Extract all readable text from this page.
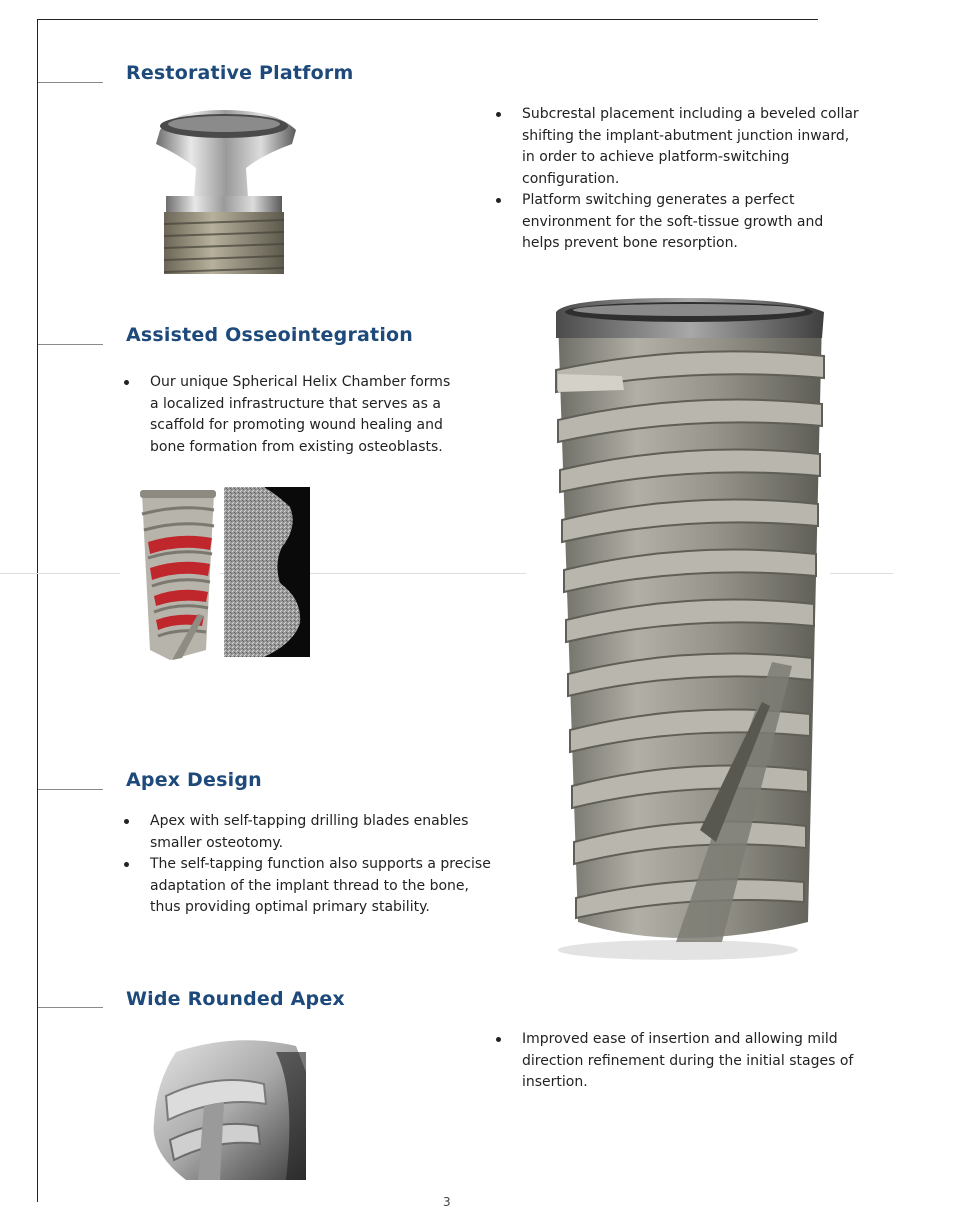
Restorative Platform
Subcrestal placement including a beveled collar shifting the implant-abutment junction inward, in order to achieve platform-switching configuration.
Platform switching generates a perfect environment for the soft-tissue growth and helps prevent bone resorption.
Assisted Osseointegration
Our unique Spherical Helix Chamber forms a localized infrastructure that serves as a scaffold for promoting wound healing and bone formation from existing osteoblasts.
Apex Design
Apex with self-tapping drilling blades enables smaller osteotomy.
The self-tapping function also supports a precise adaptation of the implant thread to the bone, thus providing optimal primary stability.
Wide Rounded Apex
Improved ease of insertion and allowing mild direction refinement during the initial stages of insertion.
3
